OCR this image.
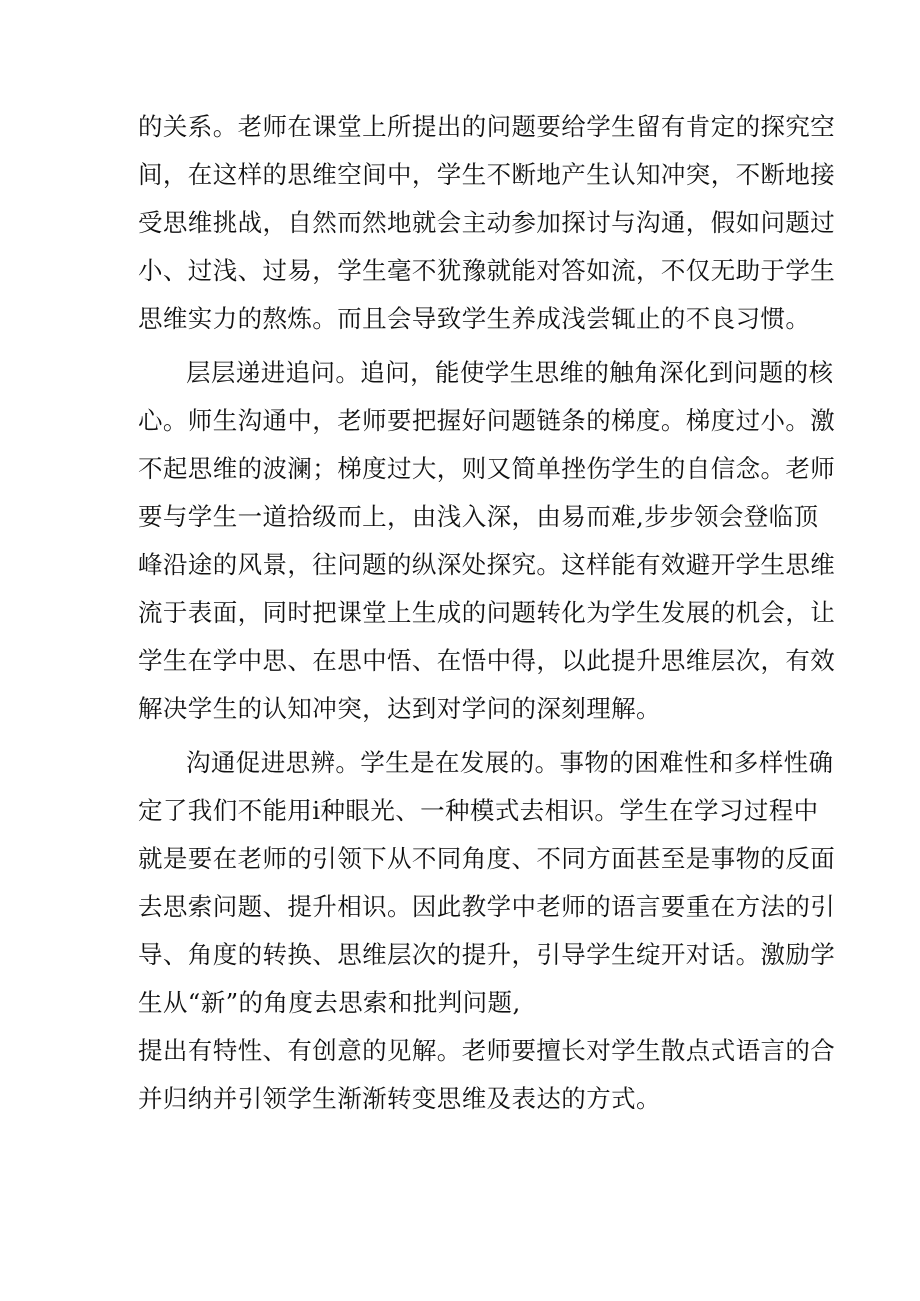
的关系。老师在课堂上所提出的问题要给学生留有肯定的探究空
间，在这样的思维空间中，学生不断地产生认知冲突，不断地接
受思维挑战，自然而然地就会主动参加探讨与沟通，假如问题过
小、过浅、过易，学生毫不犹豫就能对答如流，不仅无助于学生
思维实力的熬炼。而且会导致学生养成浅尝辄止的不良习惯。
层层递进追问。追问，能使学生思维的触角深化到问题的核
心。师生沟通中，老师要把握好问题链条的梯度。梯度过小。激
不起思维的波澜；梯度过大，则又简单挫伤学生的自信念。老师
要与学生一道拾级而上，由浅入深，由易而难,步步领会登临顶
峰沿途的风景，往问题的纵深处探究。这样能有效避开学生思维
流于表面，同时把课堂上生成的问题转化为学生发展的机会，让
学生在学中思、在思中悟、在悟中得，以此提升思维层次，有效
解决学生的认知冲突，达到对学问的深刻理解。
沟通促进思辨。学生是在发展的。事物的困难性和多样性确
定了我们不能用i种眼光、一种模式去相识。学生在学习过程中
就是要在老师的引领下从不同角度、不同方面甚至是事物的反面
去思索问题、提升相识。因此教学中老师的语言要重在方法的引
导、角度的转换、思维层次的提升，引导学生绽开对话。激励学
生从“新”的角度去思索和批判问题,
提出有特性、有创意的见解。老师要擅长对学生散点式语言的合
并归纳并引领学生渐渐转变思维及表达的方式。
